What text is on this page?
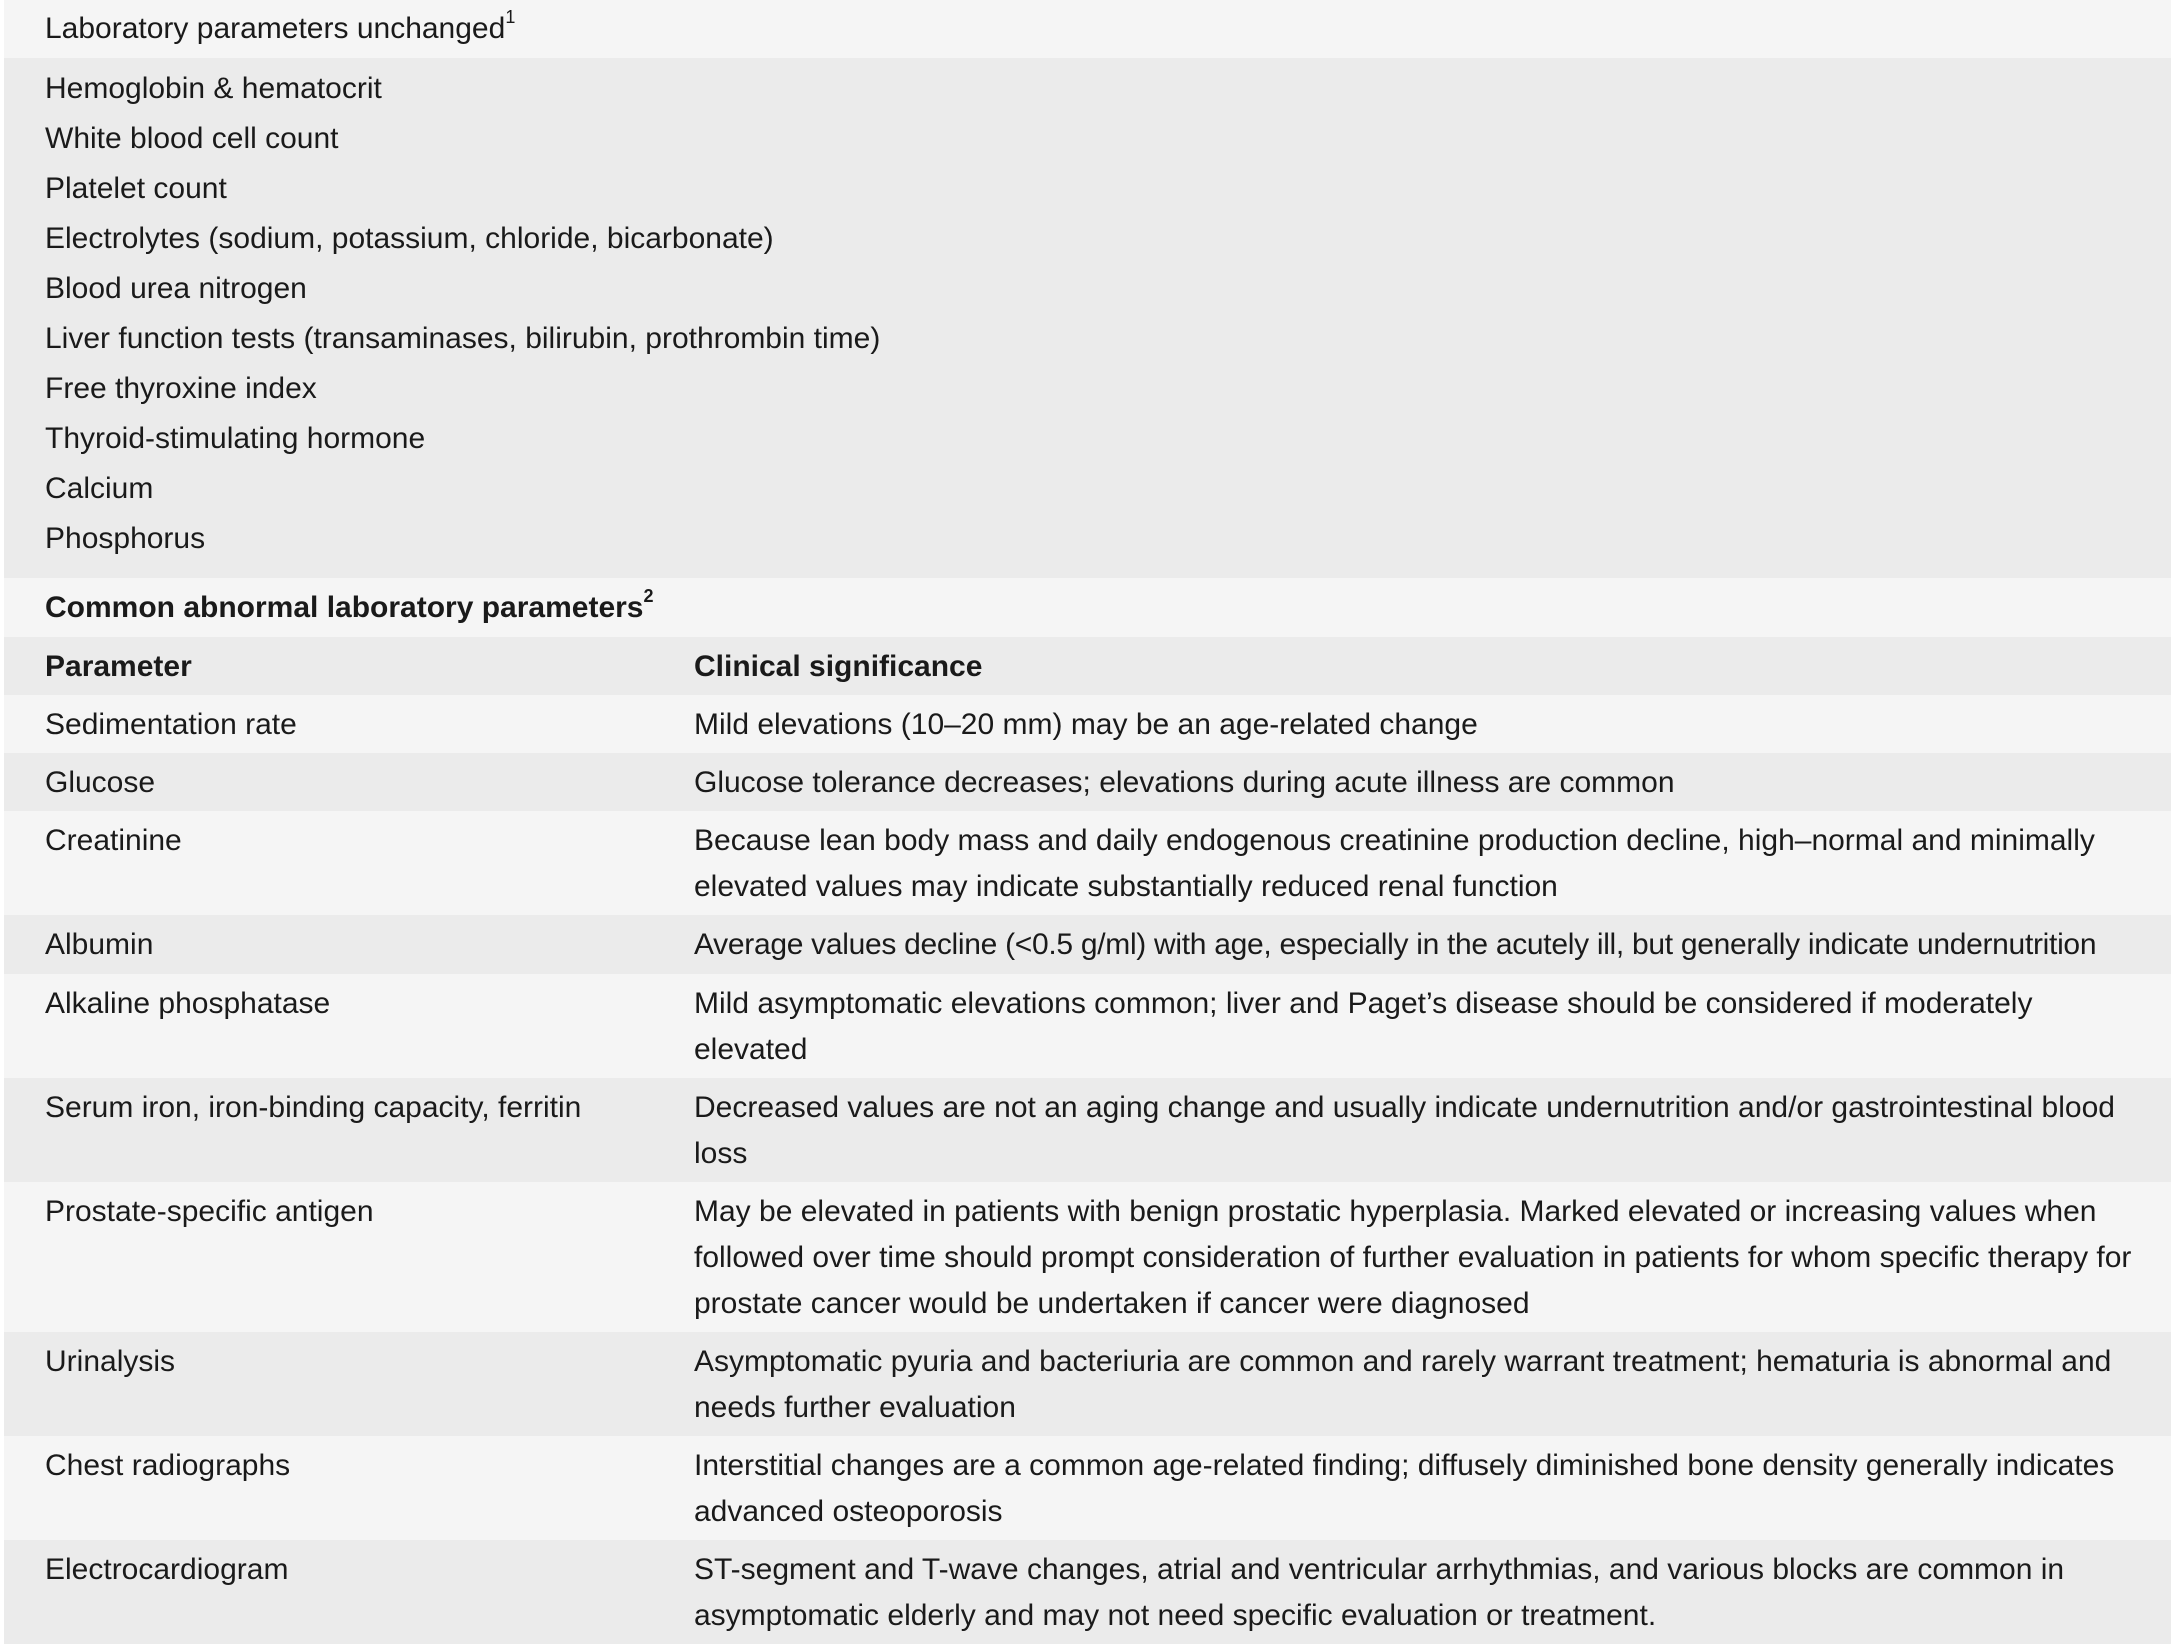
Laboratory parameters unchanged$^1$
Hemoglobin & hematocrit
White blood cell count
Platelet count
Electrolytes (sodium, potassium, chloride, bicarbonate)
Blood urea nitrogen
Liver function tests (transaminases, bilirubin, prothrombin time)
Free thyroxine index
Thyroid-stimulating hormone
Calcium
Phosphorus
Common abnormal laboratory parameters$^2$
Parameter	Clinical significance
Sedimentation rate	Mild elevations (10–20 mm) may be an age-related change
Glucose	Glucose tolerance decreases; elevations during acute illness are common
Creatinine	Because lean body mass and daily endogenous creatinine production decline, high–normal and minimally elevated values may indicate substantially reduced renal function
Albumin	Average values decline (<0.5 g/ml) with age, especially in the acutely ill, but generally indicate undernutrition
Alkaline phosphatase	Mild asymptomatic elevations common; liver and Paget’s disease should be considered if moderately elevated
Serum iron, iron-binding capacity, ferritin	Decreased values are not an aging change and usually indicate undernutrition and/or gastrointestinal blood loss
Prostate-specific antigen	May be elevated in patients with benign prostatic hyperplasia. Marked elevated or increasing values when followed over time should prompt consideration of further evaluation in patients for whom specific therapy for prostate cancer would be undertaken if cancer were diagnosed
Urinalysis	Asymptomatic pyuria and bacteriuria are common and rarely warrant treatment; hematuria is abnormal and needs further evaluation
Chest radiographs	Interstitial changes are a common age-related finding; diffusely diminished bone density generally indicates advanced osteoporosis
Electrocardiogram	ST-segment and T-wave changes, atrial and ventricular arrhythmias, and various blocks are common in asymptomatic elderly and may not need specific evaluation or treatment.
